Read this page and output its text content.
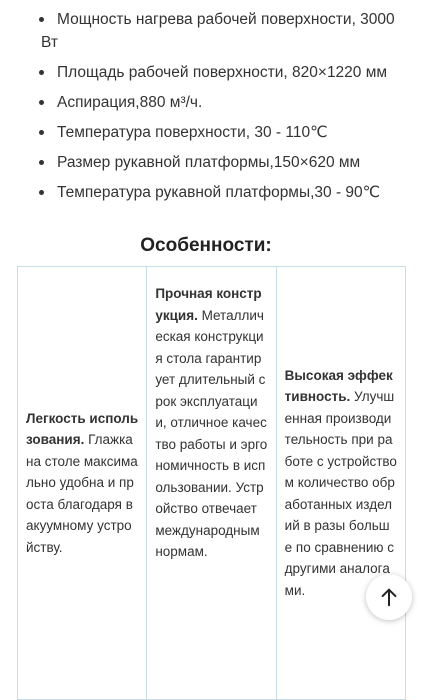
Мощность нагрева рабочей поверхности, 3000 Вт
Площадь рабочей поверхности, 820×1220 мм
Аспирация,880 м³/ч.
Температура поверхности, 30 - 110℃
Размер рукавной платформы,150×620 мм
Температура рукавной платформы,30 - 90℃
Особенности:
Легкость использования. Глажка на столе максимально удобна и проста благодаря вакуумному устройству.	Прочная конструкция. Металлическая конструкция стола гарантирует длительный срок эксплуатации, отличное качество работы и эргономичность в использовании. Устройство отвечает международным нормам.	Высокая эффективность. Улучшенная производительность при работе с устройством количество обработанных изделий в разы больше по сравнению с другими аналогами.
